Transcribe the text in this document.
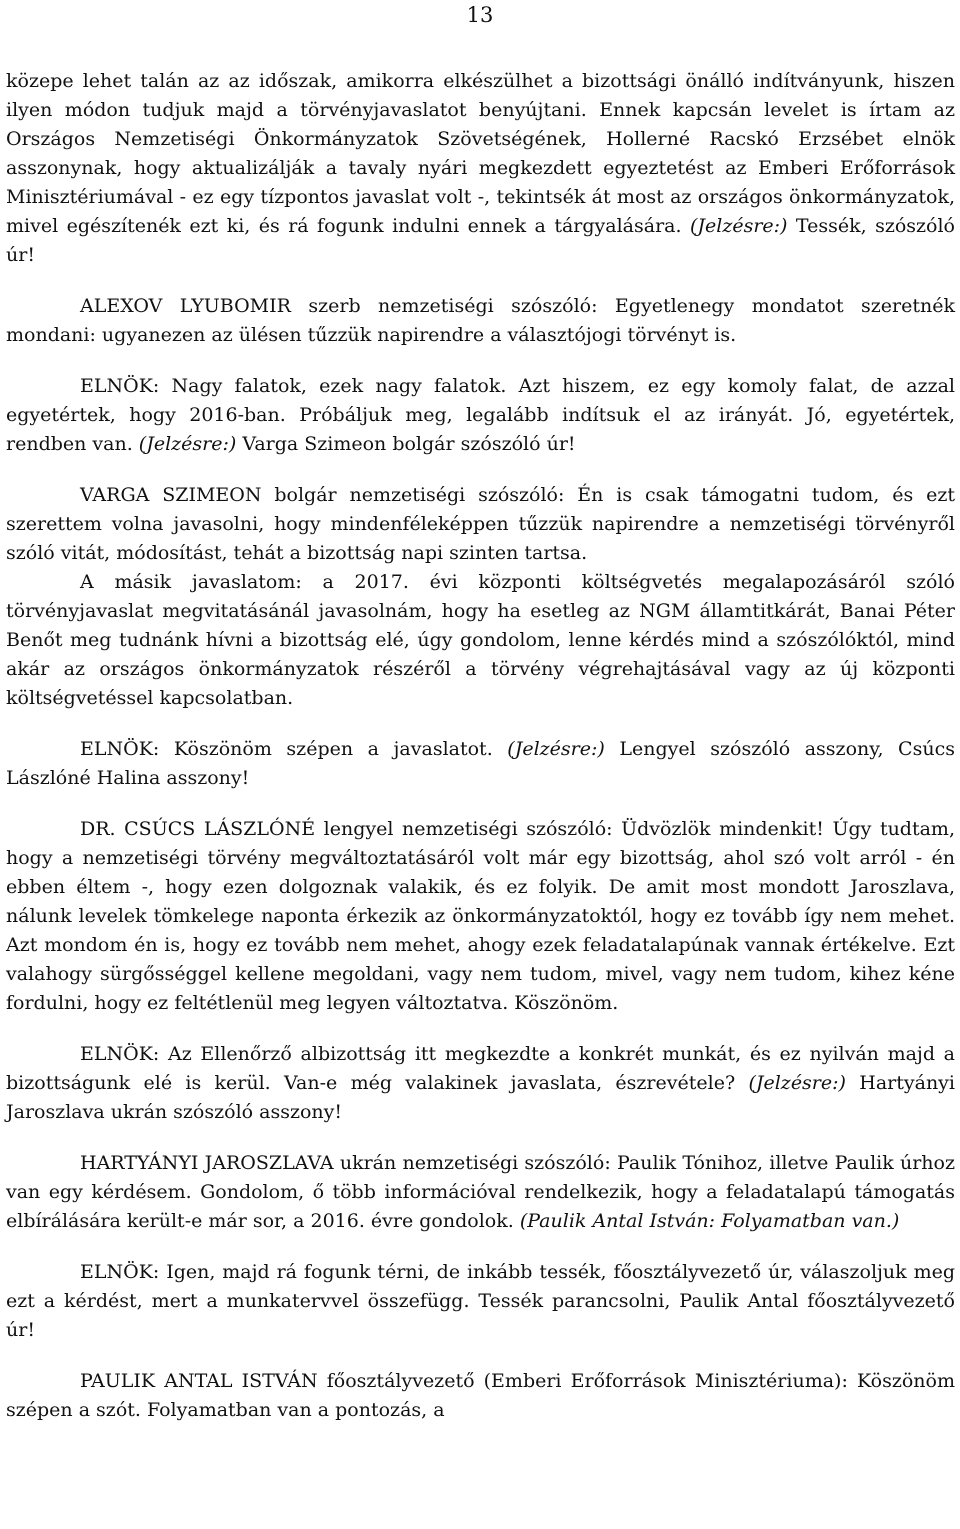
13

közepe lehet talán az az időszak, amikorra elkészülhet a bizottsági önálló indítványunk, hiszen ilyen módon tudjuk majd a törvényjavaslatot benyújtani. Ennek kapcsán levelet is írtam az Országos Nemzetiségi Önkormányzatok Szövetségének, Hollerné Racskó Erzsébet elnök asszonynak, hogy aktualizálják a tavaly nyári megkezdett egyeztetést az Emberi Erőforrások Minisztériumával - ez egy tízpontos javaslat volt -, tekintsék át most az országos önkormányzatok, mivel egészítenék ezt ki, és rá fogunk indulni ennek a tárgyalására. (Jelzésre:) Tessék, szószóló úr!

ALEXOV LYUBOMIR szerb nemzetiségi szószóló: Egyetlenegy mondatot szeretnék mondani: ugyanezen az ülésen tűzzük napirendre a választójogi törvényt is.

ELNÖK: Nagy falatok, ezek nagy falatok. Azt hiszem, ez egy komoly falat, de azzal egyetértek, hogy 2016-ban. Próbáljuk meg, legalább indítsuk el az irányát. Jó, egyetértek, rendben van. (Jelzésre:) Varga Szimeon bolgár szószóló úr!

VARGA SZIMEON bolgár nemzetiségi szószóló: Én is csak támogatni tudom, és ezt szerettem volna javasolni, hogy mindenféleképpen tűzzük napirendre a nemzetiségi törvényről szóló vitát, módosítást, tehát a bizottság napi szinten tartsa.

A másik javaslatom: a 2017. évi központi költségvetés megalapozásáról szóló törvényjavaslat megvitatásánál javasolnám, hogy ha esetleg az NGM államtitkárát, Banai Péter Benőt meg tudnánk hívni a bizottság elé, úgy gondolom, lenne kérdés mind a szószólóktól, mind akár az országos önkormányzatok részéről a törvény végrehajtásával vagy az új központi költségvetéssel kapcsolatban.

ELNÖK: Köszönöm szépen a javaslatot. (Jelzésre:) Lengyel szószóló asszony, Csúcs Lászlóné Halina asszony!

DR. CSÚCS LÁSZLÓNÉ lengyel nemzetiségi szószóló: Üdvözlök mindenkit! Úgy tudtam, hogy a nemzetiségi törvény megváltoztatásáról volt már egy bizottság, ahol szó volt arról - én ebben éltem -, hogy ezen dolgoznak valakik, és ez folyik. De amit most mondott Jaroszlava, nálunk levelek tömkelege naponta érkezik az önkormányzatoktól, hogy ez tovább így nem mehet. Azt mondom én is, hogy ez tovább nem mehet, ahogy ezek feladatalapúnak vannak értékelve. Ezt valahogy sürgősséggel kellene megoldani, vagy nem tudom, mivel, vagy nem tudom, kihez kéne fordulni, hogy ez feltétlenül meg legyen változtatva. Köszönöm.

ELNÖK: Az Ellenőrző albizottság itt megkezdte a konkrét munkát, és ez nyilván majd a bizottságunk elé is kerül. Van-e még valakinek javaslata, észrevétele? (Jelzésre:) Hartyányi Jaroszlava ukrán szószóló asszony!

HARTYÁNYI JAROSZLAVA ukrán nemzetiségi szószóló: Paulik Tónihoz, illetve Paulik úrhoz van egy kérdésem. Gondolom, ő több információval rendelkezik, hogy a feladatalapú támogatás elbírálására került-e már sor, a 2016. évre gondolok. (Paulik Antal István: Folyamatban van.)

ELNÖK: Igen, majd rá fogunk térni, de inkább tessék, főosztályvezető úr, válaszoljuk meg ezt a kérdést, mert a munkatervvel összefügg. Tessék parancsolni, Paulik Antal főosztályvezető úr!

PAULIK ANTAL ISTVÁN főosztályvezető (Emberi Erőforrások Minisztériuma): Köszönöm szépen a szót. Folyamatban van a pontozás, a
